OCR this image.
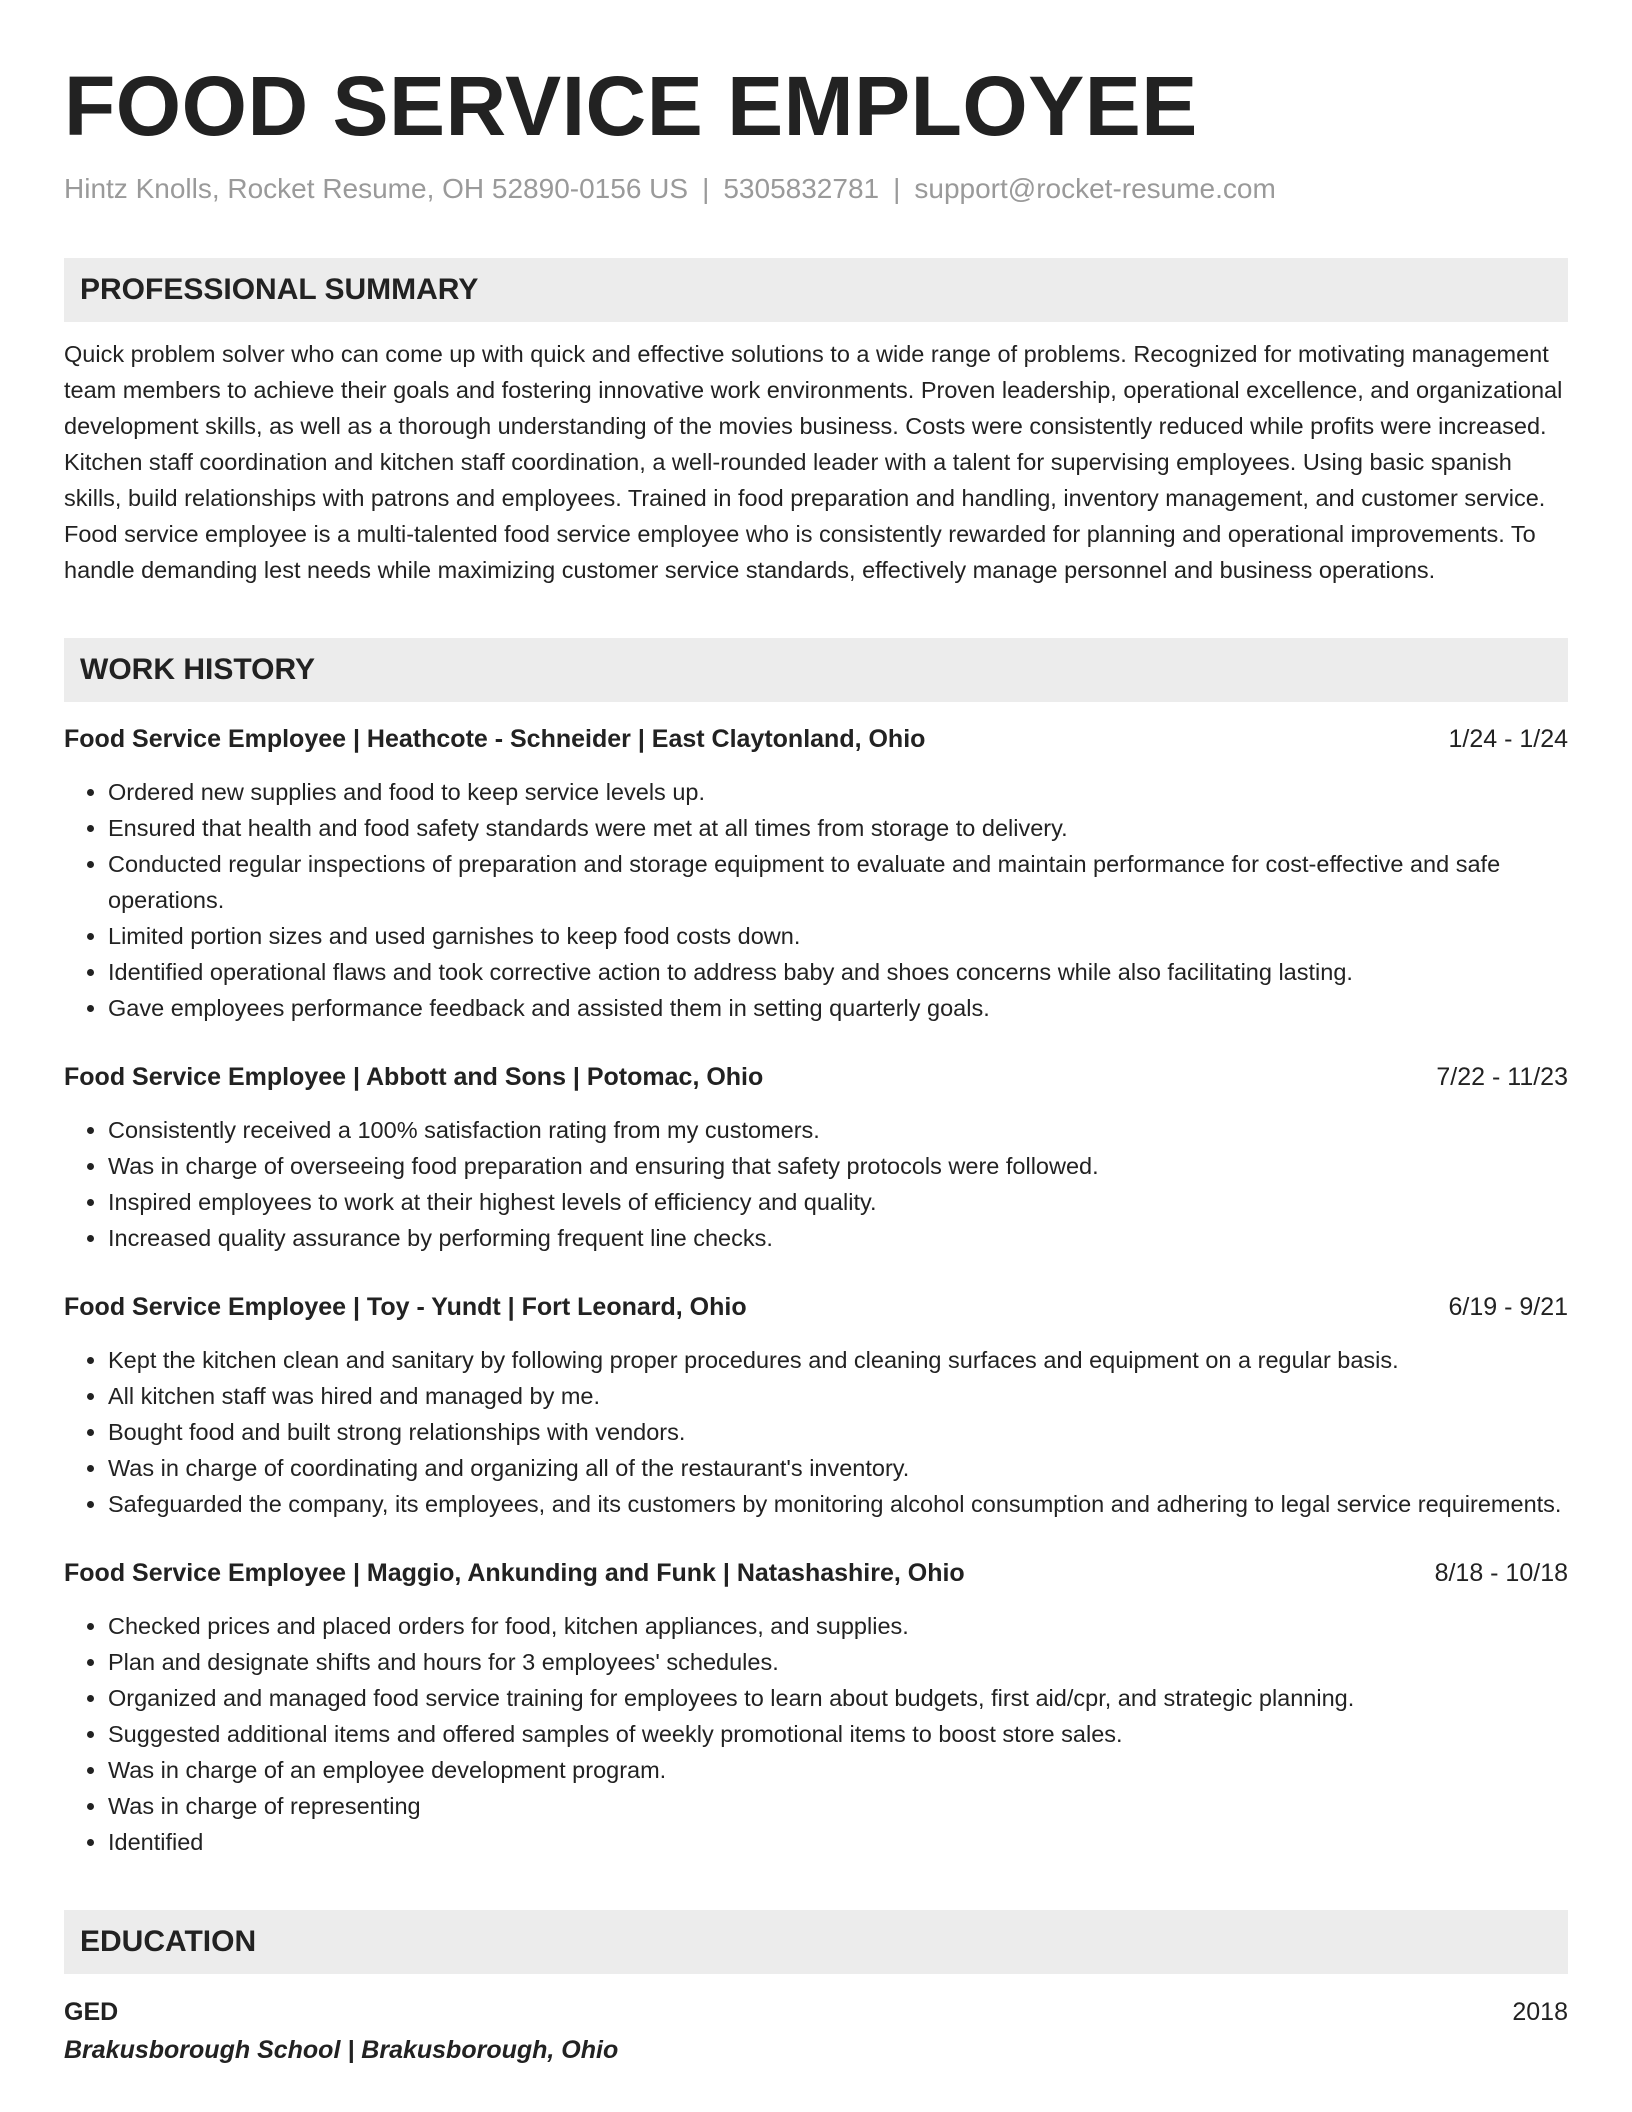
FOOD SERVICE EMPLOYEE
Hintz Knolls, Rocket Resume, OH 52890-0156 US | 5305832781 | support@rocket-resume.com
PROFESSIONAL SUMMARY

Quick problem solver who can come up with quick and effective solutions to a wide range of problems. Recognized for motivating management team members to achieve their goals and fostering innovative work environments. Proven leadership, operational excellence, and organizational development skills, as well as a thorough understanding of the movies business. Costs were consistently reduced while profits were increased. Kitchen staff coordination and kitchen staff coordination, a well-rounded leader with a talent for supervising employees. Using basic spanish skills, build relationships with patrons and employees. Trained in food preparation and handling, inventory management, and customer service. Food service employee is a multi-talented food service employee who is consistently rewarded for planning and operational improvements. To handle demanding lest needs while maximizing customer service standards, effectively manage personnel and business operations.

WORK HISTORY
Food Service Employee | Heathcote - Schneider | East Claytonland, Ohio	1/24 - 1/24
• Ordered new supplies and food to keep service levels up.
• Ensured that health and food safety standards were met at all times from storage to delivery.
• Conducted regular inspections of preparation and storage equipment to evaluate and maintain performance for cost-effective and safe operations.
• Limited portion sizes and used garnishes to keep food costs down.
• Identified operational flaws and took corrective action to address baby and shoes concerns while also facilitating lasting.
• Gave employees performance feedback and assisted them in setting quarterly goals.
Food Service Employee | Abbott and Sons | Potomac, Ohio	7/22 - 11/23
• Consistently received a 100% satisfaction rating from my customers.
• Was in charge of overseeing food preparation and ensuring that safety protocols were followed.
• Inspired employees to work at their highest levels of efficiency and quality.
• Increased quality assurance by performing frequent line checks.
Food Service Employee | Toy - Yundt | Fort Leonard, Ohio	6/19 - 9/21
• Kept the kitchen clean and sanitary by following proper procedures and cleaning surfaces and equipment on a regular basis.
• All kitchen staff was hired and managed by me.
• Bought food and built strong relationships with vendors.
• Was in charge of coordinating and organizing all of the restaurant's inventory.
• Safeguarded the company, its employees, and its customers by monitoring alcohol consumption and adhering to legal service requirements.
Food Service Employee | Maggio, Ankunding and Funk | Natashashire, Ohio	8/18 - 10/18
• Checked prices and placed orders for food, kitchen appliances, and supplies.
• Plan and designate shifts and hours for 3 employees' schedules.
• Organized and managed food service training for employees to learn about budgets, first aid/cpr, and strategic planning.
• Suggested additional items and offered samples of weekly promotional items to boost store sales.
• Was in charge of an employee development program.
• Was in charge of representing
• Identified
EDUCATION
GED	2018
Brakusborough School | Brakusborough, Ohio
